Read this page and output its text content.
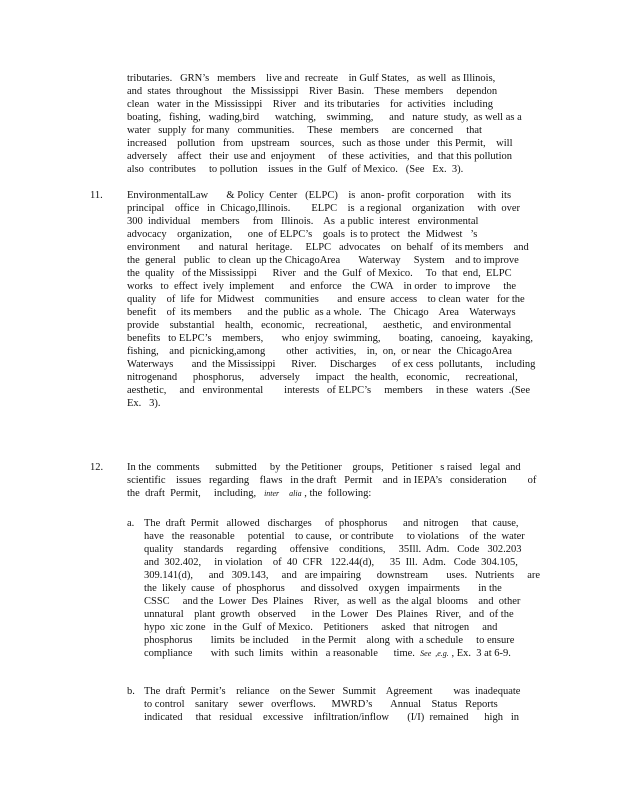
tributaries.   GRN’s   members    live and  recreate    in Gulf States,   as well  as Illinois,
and  states  throughout    the  Mississippi    River  Basin.    These  members     dependon
clean   water  in the  Mississippi    River   and  its tributaries    for  activities   including
boating,   fishing,   wading,bird      watching,    swimming,      and   nature  study,  as well as a
water   supply  for many   communities.     These   members     are  concerned     that
increased    pollution   from   upstream    sources,   such  as those  under   this Permit,    will
adversely    affect   their  use and  enjoyment     of  these  activities,   and  that this pollution
also  contributes     to pollution    issues  in the  Gulf  of Mexico.   (See   Ex.  3).
11. EnvironmentalLaw       & Policy  Center   (ELPC)    is  anon- profit  corporation     with  its
principal    office   in  Chicago,Illinois.        ELPC    is  a regional    organization     with  over
300  individual    members     from   Illinois.    As  a public  interest   environmental
advocacy    organization,      one  of ELPC’s    goals  is to protect   the  Midwest   ’s
environment       and  natural   heritage.     ELPC   advocates    on  behalf   of its members    and
the  general   public   to clean  up the ChicagoArea       Waterway     System    and to improve
the  quality   of the Mississippi      River   and  the  Gulf  of Mexico.     To  that  end,  ELPC
works   to  effect  ively  implement      and  enforce    the  CWA    in order   to improve     the
quality    of  life  for  Midwest    communities       and  ensure  access    to clean  water   for the
benefit    of  its members      and the  public  as a whole.   The   Chicago    Area    Waterways
provide    substantial    health,   economic,    recreational,      aesthetic,    and environmental
benefits   to ELPC’s    members,       who  enjoy  swimming,       boating,   canoeing,    kayaking,
fishing,    and  picnicking,among        other   activities,    in,  on,  or near   the  ChicagoArea
Waterways       and  the Mississippi      River.     Discharges      of ex cess  pollutants,     including
nitrogenand      phosphorus,      adversely      impact    the health,   economic,      recreational,
aesthetic,     and   environmental        interests   of ELPC’s     members     in these   waters  .(See
Ex.   3).
12. In the  comments      submitted     by  the Petitioner    groups,   Petitioner   s raised   legal  and
scientific    issues   regarding    flaws   in the draft   Permit    and  in IEPA’s   consideration        of
the  draft  Permit,     including,   inter     alia , the  following:
a. The  draft  Permit   allowed   discharges     of  phosphorus      and  nitrogen     that  cause,
have   the  reasonable     potential    to cause,   or contribute     to violations    of  the  water
quality    standards     regarding     offensive    conditions,     35Ill.  Adm.   Code   302.203
and  302.402,     in violation    of  40  CFR   122.44(d),      35  Ill.  Adm.   Code  304.105,
309.141(d),      and   309.143,     and   are impairing      downstream       uses.   Nutrients     are
the  likely  cause   of  phosphorus      and dissolved    oxygen   impairments       in the
CSSC     and the  Lower  Des  Plaines    River,   as well  as  the algal  blooms    and  other
unnatural    plant  growth   observed      in the  Lower   Des  Plaines   River,   and  of the
hypo  xic zone   in the  Gulf  of Mexico.    Petitioners     asked   that  nitrogen     and
phosphorus       limits  be included     in the Permit    along  with  a schedule     to ensure
compliance       with  such  limits   within   a reasonable      time.  See  ,e.g. , Ex.  3 at 6-9.
b. The  draft  Permit’s    reliance    on the Sewer   Summit    Agreement        was  inadequate
to control    sanitary    sewer   overflows.      MWRD’s       Annual    Status   Reports
indicated     that   residual    excessive    infiltration/inflow       (I/I)  remained      high   in
